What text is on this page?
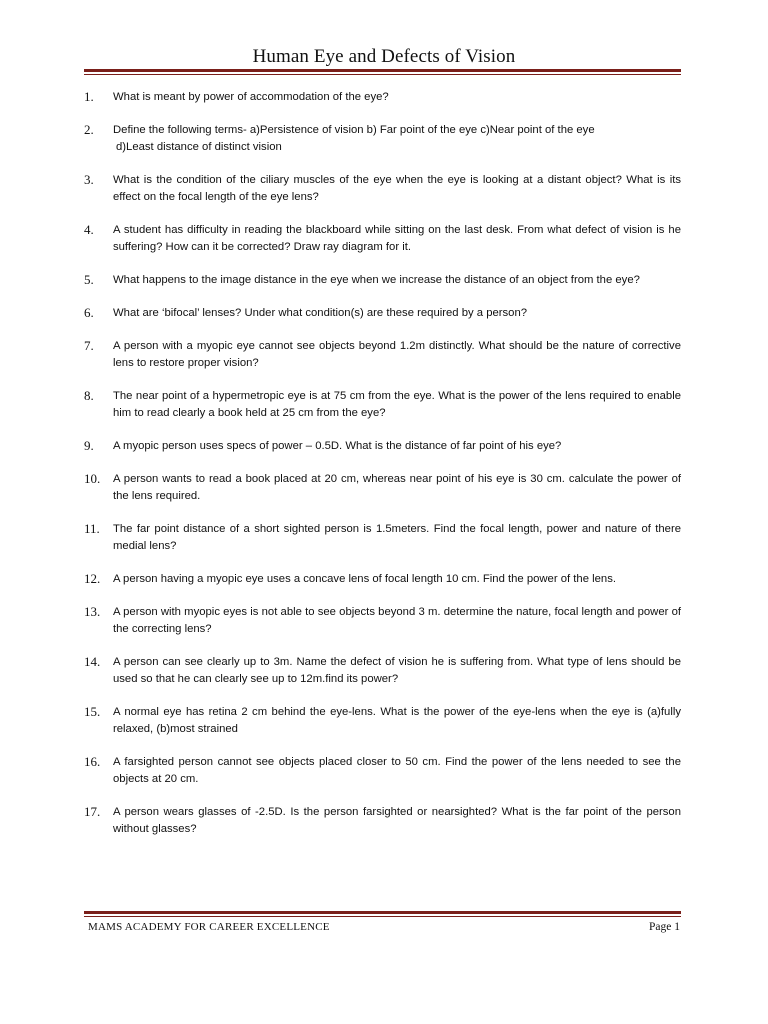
Human Eye and Defects of Vision
1.	What is meant by power of accommodation of the eye?
2.	Define the following terms- a)Persistence of vision b) Far point of the eye c)Near point of the eye
d)Least distance of distinct vision
3.	What is the condition of the ciliary muscles of the eye when the eye is looking at a distant object? What is its effect on the focal length of the eye lens?
4.	A student has difficulty in reading the blackboard while sitting on the last desk. From what defect of vision is he suffering? How can it be corrected? Draw ray diagram for it.
5.	What happens to the image distance in the eye when we increase the distance of an object from the eye?
6.	What are ‘bifocal’ lenses? Under what condition(s) are these required by a person?
7.	A person with a myopic eye cannot see objects beyond 1.2m distinctly. What should be the nature of corrective lens to restore proper vision?
8.	The near point of a hypermetropic eye is at 75 cm from the eye. What is the power of the lens required to enable him to read clearly a book held at 25 cm from the eye?
9.	A myopic person uses specs of power – 0.5D. What is the distance of far point of his eye?
10.	A person wants to read a book placed at 20 cm, whereas near point of his eye is 30 cm. calculate the power of the lens required.
11.	The far point distance of a short sighted person is 1.5meters. Find the focal length, power and nature of there medial lens?
12.	A person having a myopic eye uses a concave lens of focal length 10 cm. Find the power of the lens.
13.	A person with myopic eyes is not able to see objects beyond 3 m. determine the nature, focal length and power of the correcting lens?
14.	A person can see clearly up to 3m. Name the defect of vision he is suffering from. What type of lens should be used so that he can clearly see up to 12m.find its power?
15.	A normal eye has retina 2 cm behind the eye-lens. What is the power of the eye-lens when the eye is (a)fully relaxed, (b)most strained
16.	A farsighted person cannot see objects placed closer to 50 cm. Find the power of the lens needed to see the objects at 20 cm.
17.	A person wears glasses of -2.5D. Is the person farsighted or nearsighted? What is the far point of the person without glasses?
MAMS ACADEMY FOR CAREER EXCELLENCE	Page 1
